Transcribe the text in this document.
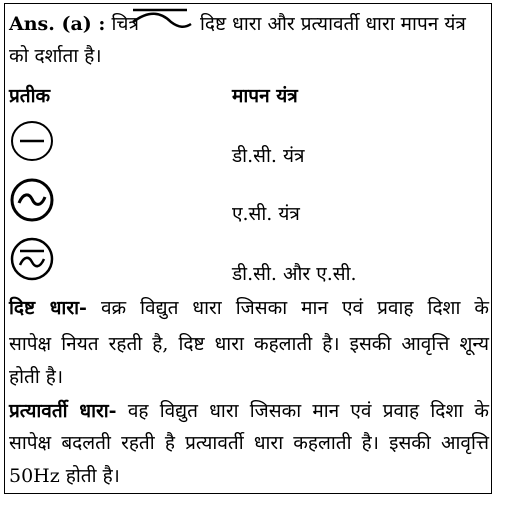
Ans. (a) : चित्र	दिष्ट धारा और प्रत्यावर्ती धारा मापन यंत्र
को दर्शाता है।
प्रतीक	मापन यंत्र
डी.सी. यंत्र
ए.सी. यंत्र
डी.सी. और ए.सी.
दिष्ट धारा- वक्र विद्युत धारा जिसका मान एवं प्रवाह दिशा के
सापेक्ष नियत रहती है, दिष्ट धारा कहलाती है। इसकी आवृत्ति शून्य
होती है।
प्रत्यावर्ती धारा- वह विद्युत धारा जिसका मान एवं प्रवाह दिशा के
सापेक्ष बदलती रहती है प्रत्यावर्ती धारा कहलाती है। इसकी आवृत्ति
50Hz होती है।
